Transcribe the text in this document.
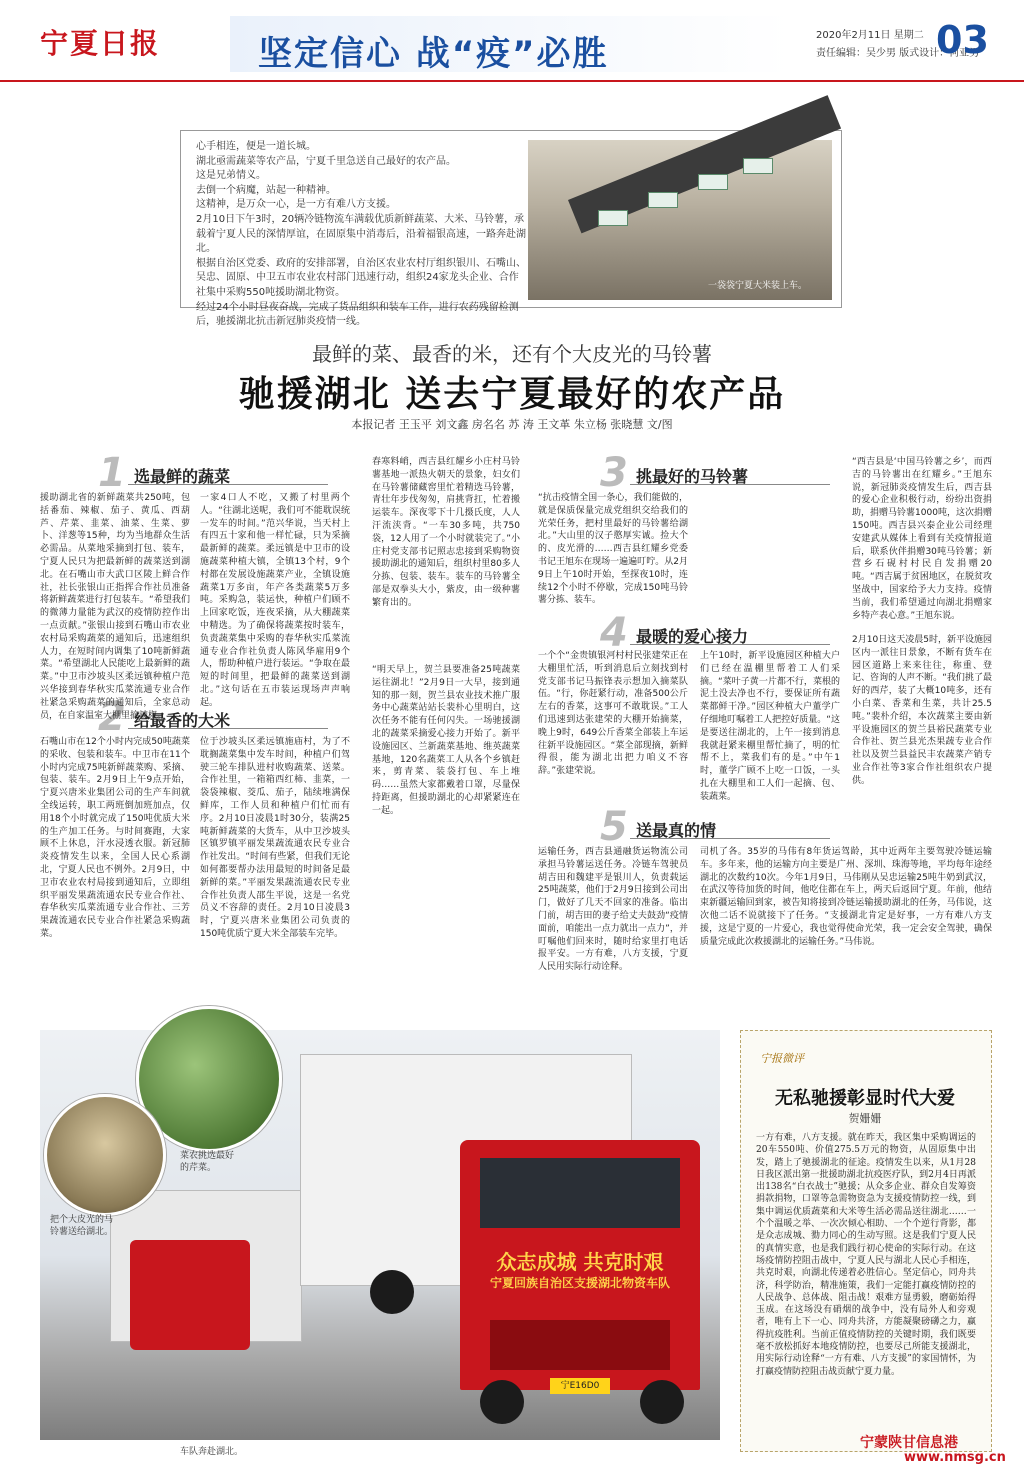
宁夏日报	坚定信心 战“疫”必胜	2020年2月11日 星期二
责任编辑：吴少男 版式设计：何亚男
03
心手相连，便是一道长城。
湖北亟需蔬菜等农产品，宁夏千里急送自己最好的农产品。
这是兄弟情义。
去倒一个病魔，站起一种精神。
这精神，是万众一心，是一方有难八方支援。
2月10日下午3时，20辆冷链物流车满载优质新鲜蔬菜、大米、马铃薯，承载着宁夏人民的深情厚谊，在固原集中消毒后，沿着福银高速，一路奔赴湖北。
根据自治区党委、政府的安排部署，自治区农业农村厅组织银川、石嘴山、吴忠、固原、中卫五市农业农村部门迅速行动，组织24家龙头企业、合作社集中采购550吨援助湖北物资。
经过24个小时昼夜奋战，完成了货品组织和装车工作，进行农药残留检测后，驰援湖北抗击新冠肺炎疫情一线。
一袋袋宁夏大米装上车。
最鲜的菜、最香的米，还有个大皮光的马铃薯
驰援湖北 送去宁夏最好的农产品
本报记者 王玉平 刘文鑫 房名名 苏 涛 王文革 朱立杨 张晓慧 文/图
1 选最鲜的蔬菜
2 给最香的大米
3 挑最好的马铃薯
4 最暖的爱心接力
5 送最真的情
援助湖北省的新鲜蔬菜共250吨，包括番茄、辣椒、茄子、黄瓜、西葫芦、芹菜、韭菜、油菜、生菜、萝卜、洋葱等15种，均为当地群众生活必需品。从菜地采摘到打包、装车，宁夏人民只为把最新鲜的蔬菜送到湖北。在石嘴山市大武口区陵上鲜合作社，社长张银山正指挥合作社员准备将新鲜蔬菜进行打包装车。“希望我们的微薄力量能为武汉的疫情防控作出一点贡献。”张银山接到石嘴山市农业农村局采购蔬菜的通知后，迅速组织人力，在短时间内调集了10吨新鲜蔬菜。“希望湖北人民能吃上最新鲜的蔬菜。”中卫市沙坡头区柔远镇种植户范兴华接到春华秋实瓜菜流通专业合作社紧急采购蔬菜的通知后，全家总动员，在自家温室大棚里摘辣椒。
一家4口人不吃，又搬了村里两个人。“往湖北送呢，我们可不能耽误统一发车的时间。”范兴华说，当天村上有四五十家和他一样忙碌，只为采摘最新鲜的蔬菜。柔远镇是中卫市的设施蔬菜种植大镇，全镇13个村，9个村都在发展设施蔬菜产业，全镇设施蔬菜1万多亩，年产各类蔬菜5万多吨。采购急，装运快，种植户们顾不上回家吃饭，连夜采摘，从大棚蔬菜中精选。为了确保将蔬菜按时装车，负责蔬菜集中采购的春华秋实瓜菜流通专业合作社负责人陈风华雇用9个人，帮助种植户进行装运。“争取在最短的时间里，把最鲜的蔬菜送到湖北。”这句话在五市装运现场声声响起。
春寒料峭，西吉县红耀乡小庄村马铃薯基地一派热火朝天的景象，妇女们在马铃薯储藏窖里忙着精选马铃薯，青壮年步伐匆匆，肩挑背扛，忙着搬运装车。深夜零下十几摄氏度，人人汗流浃背。“一车30多吨，共750袋，12人用了一个小时就装完了。”小庄村党支部书记照志忠接到采购物资援助湖北的通知后，组织村里80多人分拣、包装、装车。装车的马铃薯全部是双拳头大小，紫皮，由一级种薯繁育出的。
石嘴山市在12个小时内完成50吨蔬菜的采收、包装和装车。中卫市在11个小时内完成75吨新鲜蔬菜购、采摘、包装、装车。2月9日上午9点开始，宁夏兴唐米业集团公司的生产车间就全线运转，职工两班倒加班加点，仅用18个小时就完成了150吨优质大米的生产加工任务。与时间赛跑，大家顾不上休息，汗水浸透衣服。新冠肺炎疫情发生以来，全国人民心系湖北，宁夏人民也不例外。2月9日，中卫市农业农村局接到通知后，立即组织平丽发果蔬流通农民专业合作社、春华秋实瓜菜流通专业合作社、三芳果蔬流通农民专业合作社紧急采购蔬菜。
位于沙坡头区柔远镇施庙村，为了不耽搁蔬菜集中发车时间，种植户们驾驶三轮车排队进村收购蔬菜、送菜。合作社里，一箱箱西红柿、韭菜，一袋袋辣椒、茭瓜、茄子，陆续堆满保鲜库，工作人员和种植户们忙而有序。2月10日凌晨1时30分，装满25吨新鲜蔬菜的大货车，从中卫沙坡头区镇罗镇平丽发果蔬流通农民专业合作社发出。“时间有些紧，但我们无论如何都要帮办法用最短的时间备足最新鲜的菜。”平丽发果蔬流通农民专业合作社负责人邵生平说，这是一名党员义不容辞的责任。2月10日凌晨3时，宁夏兴唐米业集团公司负责的150吨优质宁夏大米全部装车完毕。
“明天早上，贺兰县要准备25吨蔬菜运往湖北！”2月9日一大早，接到通知的那一刻，贺兰县农业技术推广服务中心蔬菜站站长裴朴心里明白，这次任务不能有任何闪失。一场驰援湖北的蔬菜采摘爱心接力开始了。新平设施园区、兰新蔬菜基地、维英蔬菜基地，120名蔬菜工人从各个乡镇赶来，剪青菜、装袋打包、车上堆码……虽然大家都戴着口罩，尽量保持距离，但援助湖北的心却紧紧连在一起。
“抗击疫情全国一条心，我们能做的，就是保质保量完成党组织交给我们的光荣任务，把村里最好的马铃薯给湖北。”大山里的汉子憨厚实诚。捡大个的、皮光滑的……西吉县红耀乡党委书记王旭东在现场一遍遍叮咛。从2月9日上午10时开始，至探夜10时，连续12个小时不停歇，完成150吨马铃薯分拣、装车。
一个个“金贵镇银河村村民张建荣正在大棚里忙活，听到消息后立刻找到村党支部书记马振锋表示想加入摘菜队伍。“行，你赶紧行动，准备500公斤左右的香菜，这事可不敢耽误。”工人们迅速到达张建荣的大棚开始摘菜，晚上9时，649公斤香菜全部装上车运往新平设施园区。“菜全部现摘，新鲜得很，能为湖北出把力咱义不容辞。”张建荣说。
上午10时，新平设施园区种植大户们已经在温棚里帮着工人们采摘。“菜叶子黄一片都不行，菜根的泥土没去净也不行，要保证所有蔬菜都鲜干净。”园区种植大户董学广仔细地叮嘱着工人把控好质量。“这是要送往湖北的，上午一接到消息我就赶紧来棚里帮忙摘了，明的忙帮不上，菜我们有的是。”中午1时，董学广顾不上吃一口饭，一头扎在大棚里和工人们一起摘、包、装蔬菜。
运输任务，西吉县通融货运物流公司承担马铃薯运送任务。冷链车驾驶员胡吉田和魏建平是银川人，负责载运25吨蔬菜，他们于2月9日接到公司出门，做好了几天不回家的准备。临出门前，胡吉田的妻子给丈夫鼓劲“疫情面前，咱能出一点力就出一点力”，并叮嘱他们回来时，随时给家里打电话报平安。一方有难，八方支援，宁夏人民用实际行动诠释。
“西吉县是‘中国马铃薯之乡’，而西吉的马铃薯出在红耀乡。”王旭东说，新冠肺炎疫情发生后，西吉县的爱心企业积极行动，纷纷出资捐助，捐赠马铃薯1000吨，这次捐赠150吨。西吉县兴泰企业公司经理安建武从媒体上看到有关疫情报道后，联系伙伴捐赠30吨马铃薯；新营乡石砚村村民自发捐赠20吨。“西吉属于贫困地区，在脱贫攻坚战中，国家给予大力支持。疫情当前，我们希望通过向湖北捐赠家乡特产表心意。”王旭东说。
2月10日这天凌晨5时，新平设施园区内一派往日景象，不断有货车在园区道路上来来往往，称重、登记、咨询的人声不断。“我们挑了最好的西芹，装了大概10吨多，还有小白菜、香菜和生菜，共计25.5吨。”裴朴介绍，本次蔬菜主要由新平设施园区的贺兰县裕民蔬菜专业合作社、贺兰县光杰果蔬专业合作社以及贺兰县益民丰农蔬菜产销专业合作社等3家合作社组织农户提供。
司机了各。35岁的马伟有8年货运驾龄，其中近两年主要驾驶冷链运输车。多年来，他的运输方向主要是广州、深圳、珠海等地，平均每年途经湖北的次数约10次。今年1月9日，马伟刚从吴忠运输25吨牛奶到武汉，在武汉等待加货的时间，他吃住都在车上，两天后返回宁夏。年前，他结束新疆运输回到家，被告知将接到冷链运输援助湖北的任务，马伟说，这次他二话不说就接下了任务。“支援湖北肯定是好事，一方有难八方支援，这是宁夏的一片爱心，我也觉得使命光荣，我一定会安全驾驶，确保质量完成此次救援湖北的运输任务。”马伟说。
众志成城 共克时艰
宁夏回族自治区支援湖北物资车队
宁E16D0
菜农挑选最好的芹菜。
把个大皮光的马铃薯送给湖北。
车队奔赴湖北。
宁报微评
无私驰援彰显时代大爱
贺姗姗
一方有难，八方支援。就在昨天，我区集中采购调运的20车550吨、价值275.5万元的物资，从固原集中出发，踏上了驰援湖北的征途。疫情发生以来，从1月28日我区派出第一批援助湖北抗疫医疗队，到2月4日再派出138名“白衣战士”驰援；从众多企业、群众自发筹资捐款捐物，口罩等急需物资急为支援疫情防控一线，到集中调运优质蔬菜和大米等生活必需品送往湖北……一个个温暖之举、一次次倾心相助、一个个逆行背影，都是众志成城、勠力同心的生动写照。这是我们宁夏人民的真情实意，也是我们践行初心使命的实际行动。在这场疫情防控阻击战中，宁夏人民与湖北人民心手相连，共克时艰，向湖北传递着必胜信心。坚定信心，同舟共济，科学防治，精准施策，我们一定能打赢疫情防控的人民战争、总体战、阻击战！艰难方显勇毅，磨砺始得玉成。在这场没有硝烟的战争中，没有局外人和旁观者，唯有上下一心、同舟共济，方能凝聚磅礴之力，赢得抗疫胜利。当前正值疫情防控的关键时期，我们既要毫不放松抓好本地疫情防控，也要尽己所能支援湖北，用实际行动诠释“一方有难、八方支援”的家国情怀，为打赢疫情防控阻击战贡献宁夏力量。
宁蒙陕甘信息港
www.nmsg.cn
